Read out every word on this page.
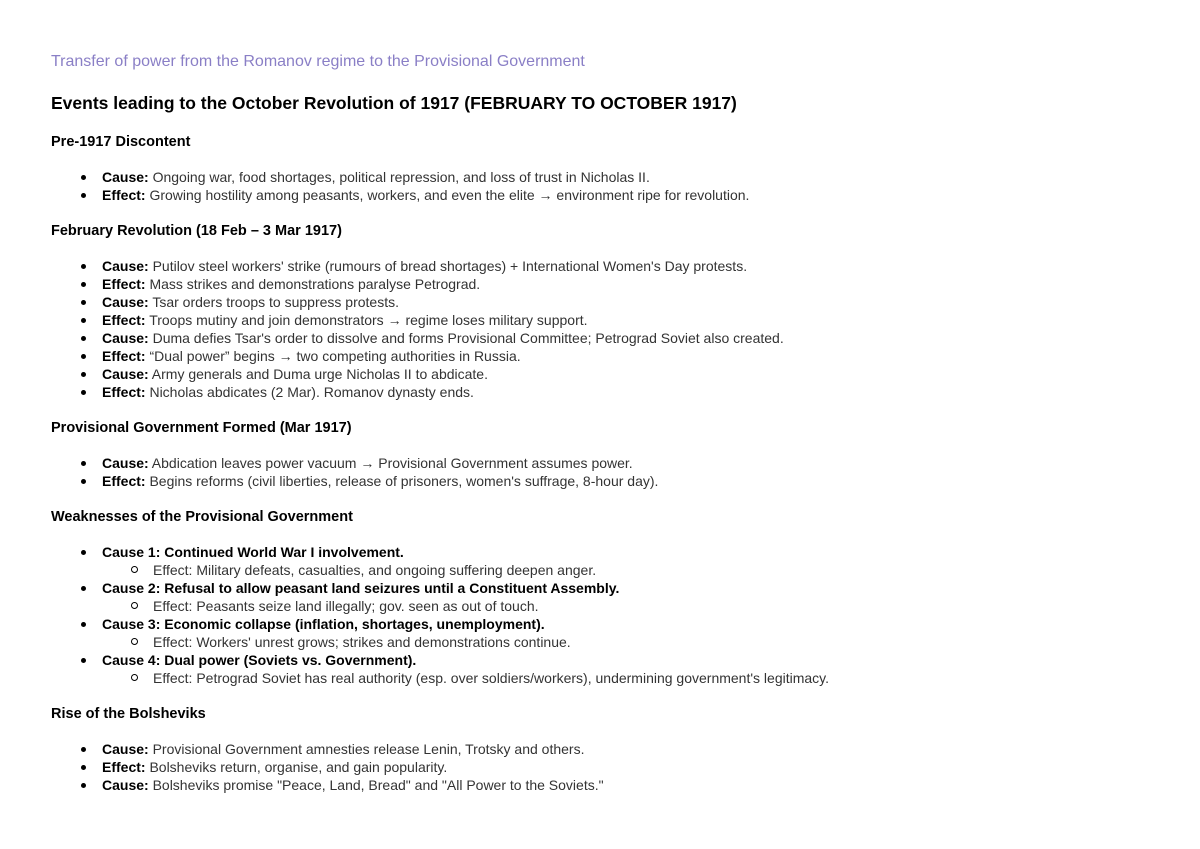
Transfer of power from the Romanov regime to the Provisional Government

Events leading to the October Revolution of 1917 (FEBRUARY TO OCTOBER 1917)
Pre-1917 Discontent
Cause: Ongoing war, food shortages, political repression, and loss of trust in Nicholas II.
Effect: Growing hostility among peasants, workers, and even the elite → environment ripe for revolution.
February Revolution (18 Feb – 3 Mar 1917)
Cause: Putilov steel workers' strike (rumours of bread shortages) + International Women's Day protests.
Effect: Mass strikes and demonstrations paralyse Petrograd.
Cause: Tsar orders troops to suppress protests.
Effect: Troops mutiny and join demonstrators → regime loses military support.
Cause: Duma defies Tsar's order to dissolve and forms Provisional Committee; Petrograd Soviet also created.
Effect: “Dual power” begins → two competing authorities in Russia.
Cause: Army generals and Duma urge Nicholas II to abdicate.
Effect: Nicholas abdicates (2 Mar). Romanov dynasty ends.
Provisional Government Formed (Mar 1917)
Cause: Abdication leaves power vacuum → Provisional Government assumes power.
Effect: Begins reforms (civil liberties, release of prisoners, women's suffrage, 8-hour day).
Weaknesses of the Provisional Government
Cause 1: Continued World War I involvement.
Effect: Military defeats, casualties, and ongoing suffering deepen anger.
Cause 2: Refusal to allow peasant land seizures until a Constituent Assembly.
Effect: Peasants seize land illegally; gov. seen as out of touch.
Cause 3: Economic collapse (inflation, shortages, unemployment).
Effect: Workers' unrest grows; strikes and demonstrations continue.
Cause 4: Dual power (Soviets vs. Government).
Effect: Petrograd Soviet has real authority (esp. over soldiers/workers), undermining government's legitimacy.
Rise of the Bolsheviks
Cause: Provisional Government amnesties release Lenin, Trotsky and others.
Effect: Bolsheviks return, organise, and gain popularity.
Cause: Bolsheviks promise "Peace, Land, Bread" and "All Power to the Soviets."
